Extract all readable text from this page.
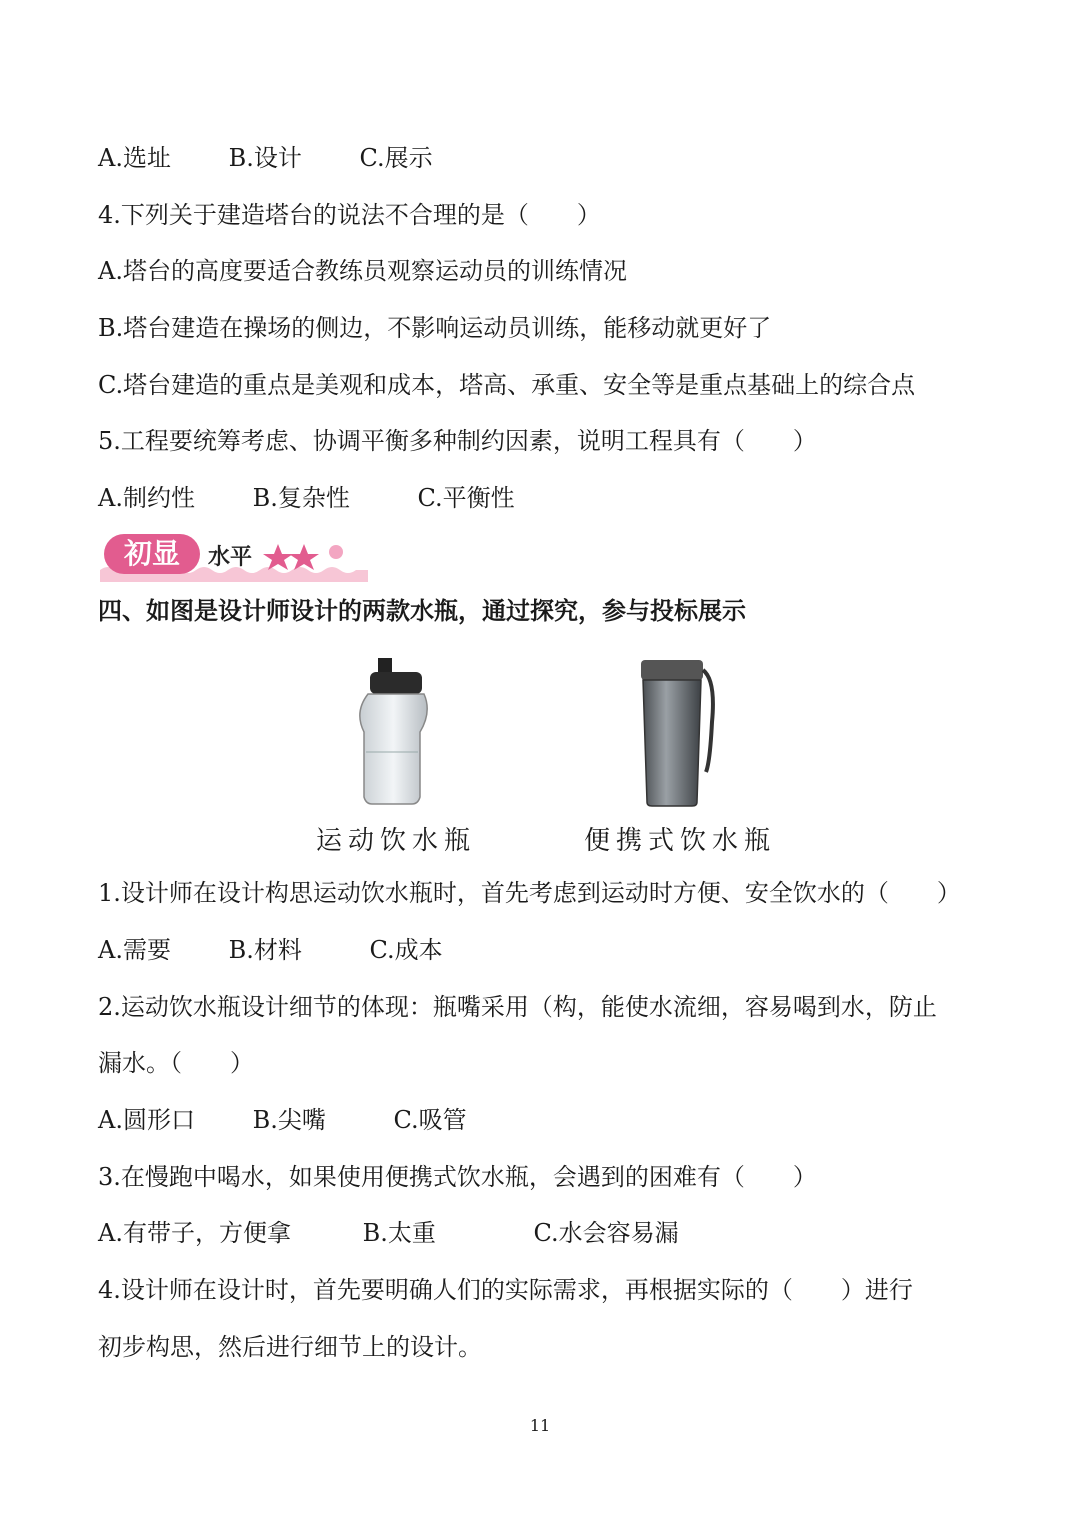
A.选址 B.设计 C.展示
4.下列关于建造塔台的说法不合理的是（　　）
A.塔台的高度要适合教练员观察运动员的训练情况
B.塔台建造在操场的侧边，不影响运动员训练，能移动就更好了
C.塔台建造的重点是美观和成本，塔高、承重、安全等是重点基础上的综合点
5.工程要统筹考虑、协调平衡多种制约因素，说明工程具有（　　）
A.制约性 B.复杂性	C.平衡性
初显 水平
四、如图是设计师设计的两款水瓶，通过探究，参与投标展示
运动饮水瓶	便携式饮水瓶
1.设计师在设计构思运动饮水瓶时，首先考虑到运动时方便、安全饮水的（　　）
A.需要 B.材料	C.成本
2.运动饮水瓶设计细节的体现：瓶嘴采用（构，能使水流细，容易喝到水，防止
漏水。（　　）
A.圆形口 B.尖嘴	C.吸管
3.在慢跑中喝水，如果使用便携式饮水瓶，会遇到的困难有（　　）
A.有带子，方便拿	B.太重	C.水会容易漏
4.设计师在设计时，首先要明确人们的实际需求，再根据实际的（　　）进行
初步构思，然后进行细节上的设计。
11
